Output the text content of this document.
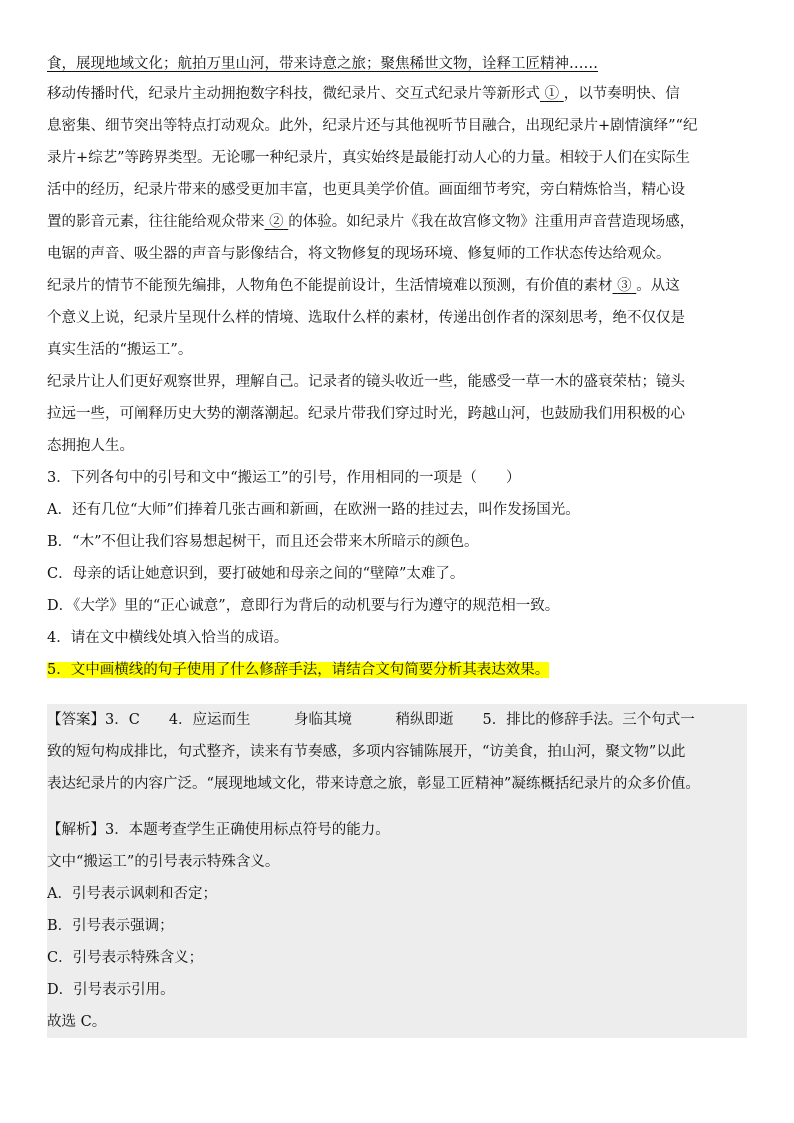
食，展现地域文化；航拍万里山河，带来诗意之旅；聚焦稀世文物，诠释工匠精神……
移动传播时代，纪录片主动拥抱数字科技，微纪录片、交互式纪录片等新形式 ① ，以节奏明快、信
息密集、细节突出等特点打动观众。此外，纪录片还与其他视听节目融合，出现纪录片+剧情演绎”“纪
录片+综艺”等跨界类型。无论哪一种纪录片，真实始终是最能打动人心的力量。相较于人们在实际生
活中的经历，纪录片带来的感受更加丰富，也更具美学价值。画面细节考究，旁白精炼恰当，精心设
置的影音元素，往往能给观众带来 ② 的体验。如纪录片《我在故宫修文物》注重用声音营造现场感，
电锯的声音、吸尘器的声音与影像结合，将文物修复的现场环境、修复师的工作状态传达给观众。
纪录片的情节不能预先编排，人物角色不能提前设计，生活情境难以预测，有价值的素材 ③ 。从这
个意义上说，纪录片呈现什么样的情境、选取什么样的素材，传递出创作者的深刻思考，绝不仅仅是
真实生活的“搬运工”。
纪录片让人们更好观察世界，理解自己。记录者的镜头收近一些，能感受一草一木的盛衰荣枯；镜头
拉远一些，可阐释历史大势的潮落潮起。纪录片带我们穿过时光，跨越山河，也鼓励我们用积极的心
态拥抱人生。
3．下列各句中的引号和文中“搬运工”的引号，作用相同的一项是（　　）
A．还有几位“大师”们捧着几张古画和新画，在欧洲一路的挂过去，叫作发扬国光。
B．“木”不但让我们容易想起树干，而且还会带来木所暗示的颜色。
C．母亲的话让她意识到，要打破她和母亲之间的“壁障”太难了。
D．《大学》里的“正心诚意”，意即行为背后的动机要与行为遵守的规范相一致。
4．请在文中横线处填入恰当的成语。
5．文中画横线的句子使用了什么修辞手法，请结合文句简要分析其表达效果。
【答案】3．C　　4．应运而生　　　身临其境　　　稍纵即逝　　5．排比的修辞手法。三个句式一
致的短句构成排比，句式整齐，读来有节奏感，多项内容铺陈展开，“访美食，拍山河，聚文物”以此
表达纪录片的内容广泛。“展现地域文化，带来诗意之旅，彰显工匠精神”凝练概括纪录片的众多价值。
【解析】3．本题考查学生正确使用标点符号的能力。
文中“搬运工”的引号表示特殊含义。
A．引号表示讽刺和否定；
B．引号表示强调；
C．引号表示特殊含义；
D．引号表示引用。
故选 C。
